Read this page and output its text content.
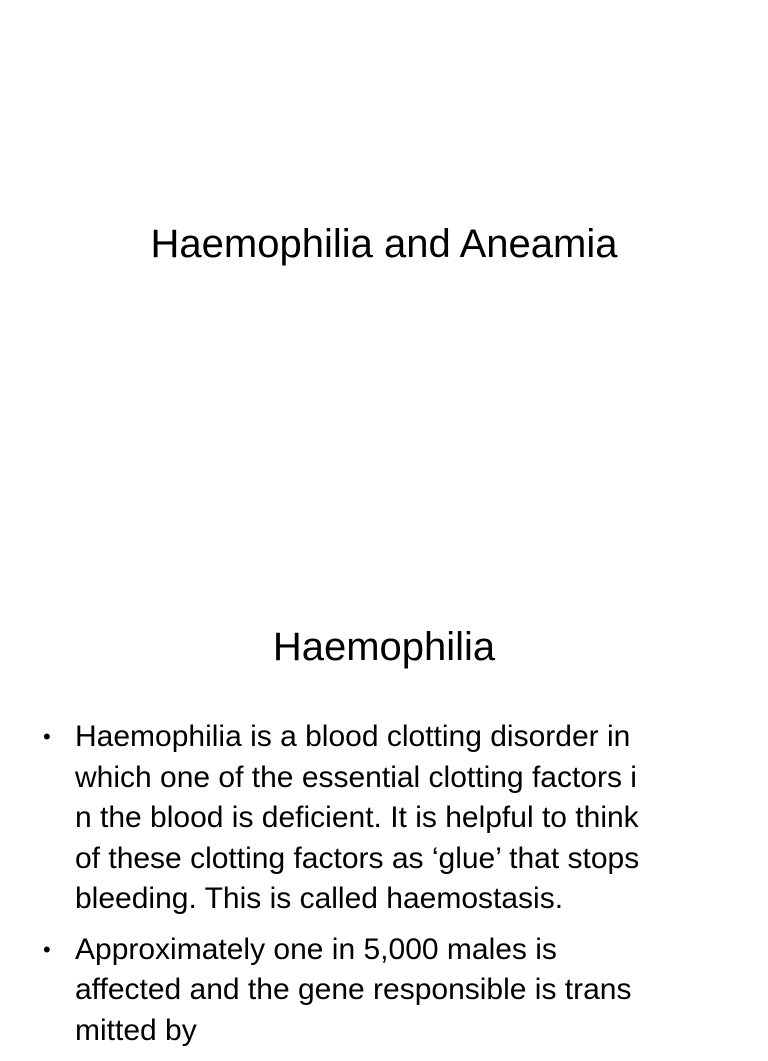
Haemophilia and Aneamia
Haemophilia
• Haemophilia is a blood clotting disorder in
which one of the essential clotting factors i
n the blood is deficient. It is helpful to think
of these clotting factors as ‘glue’ that stops
bleeding. This is called haemostasis.
• Approximately one in 5,000 males is
affected and the gene responsible is trans
mitted by
